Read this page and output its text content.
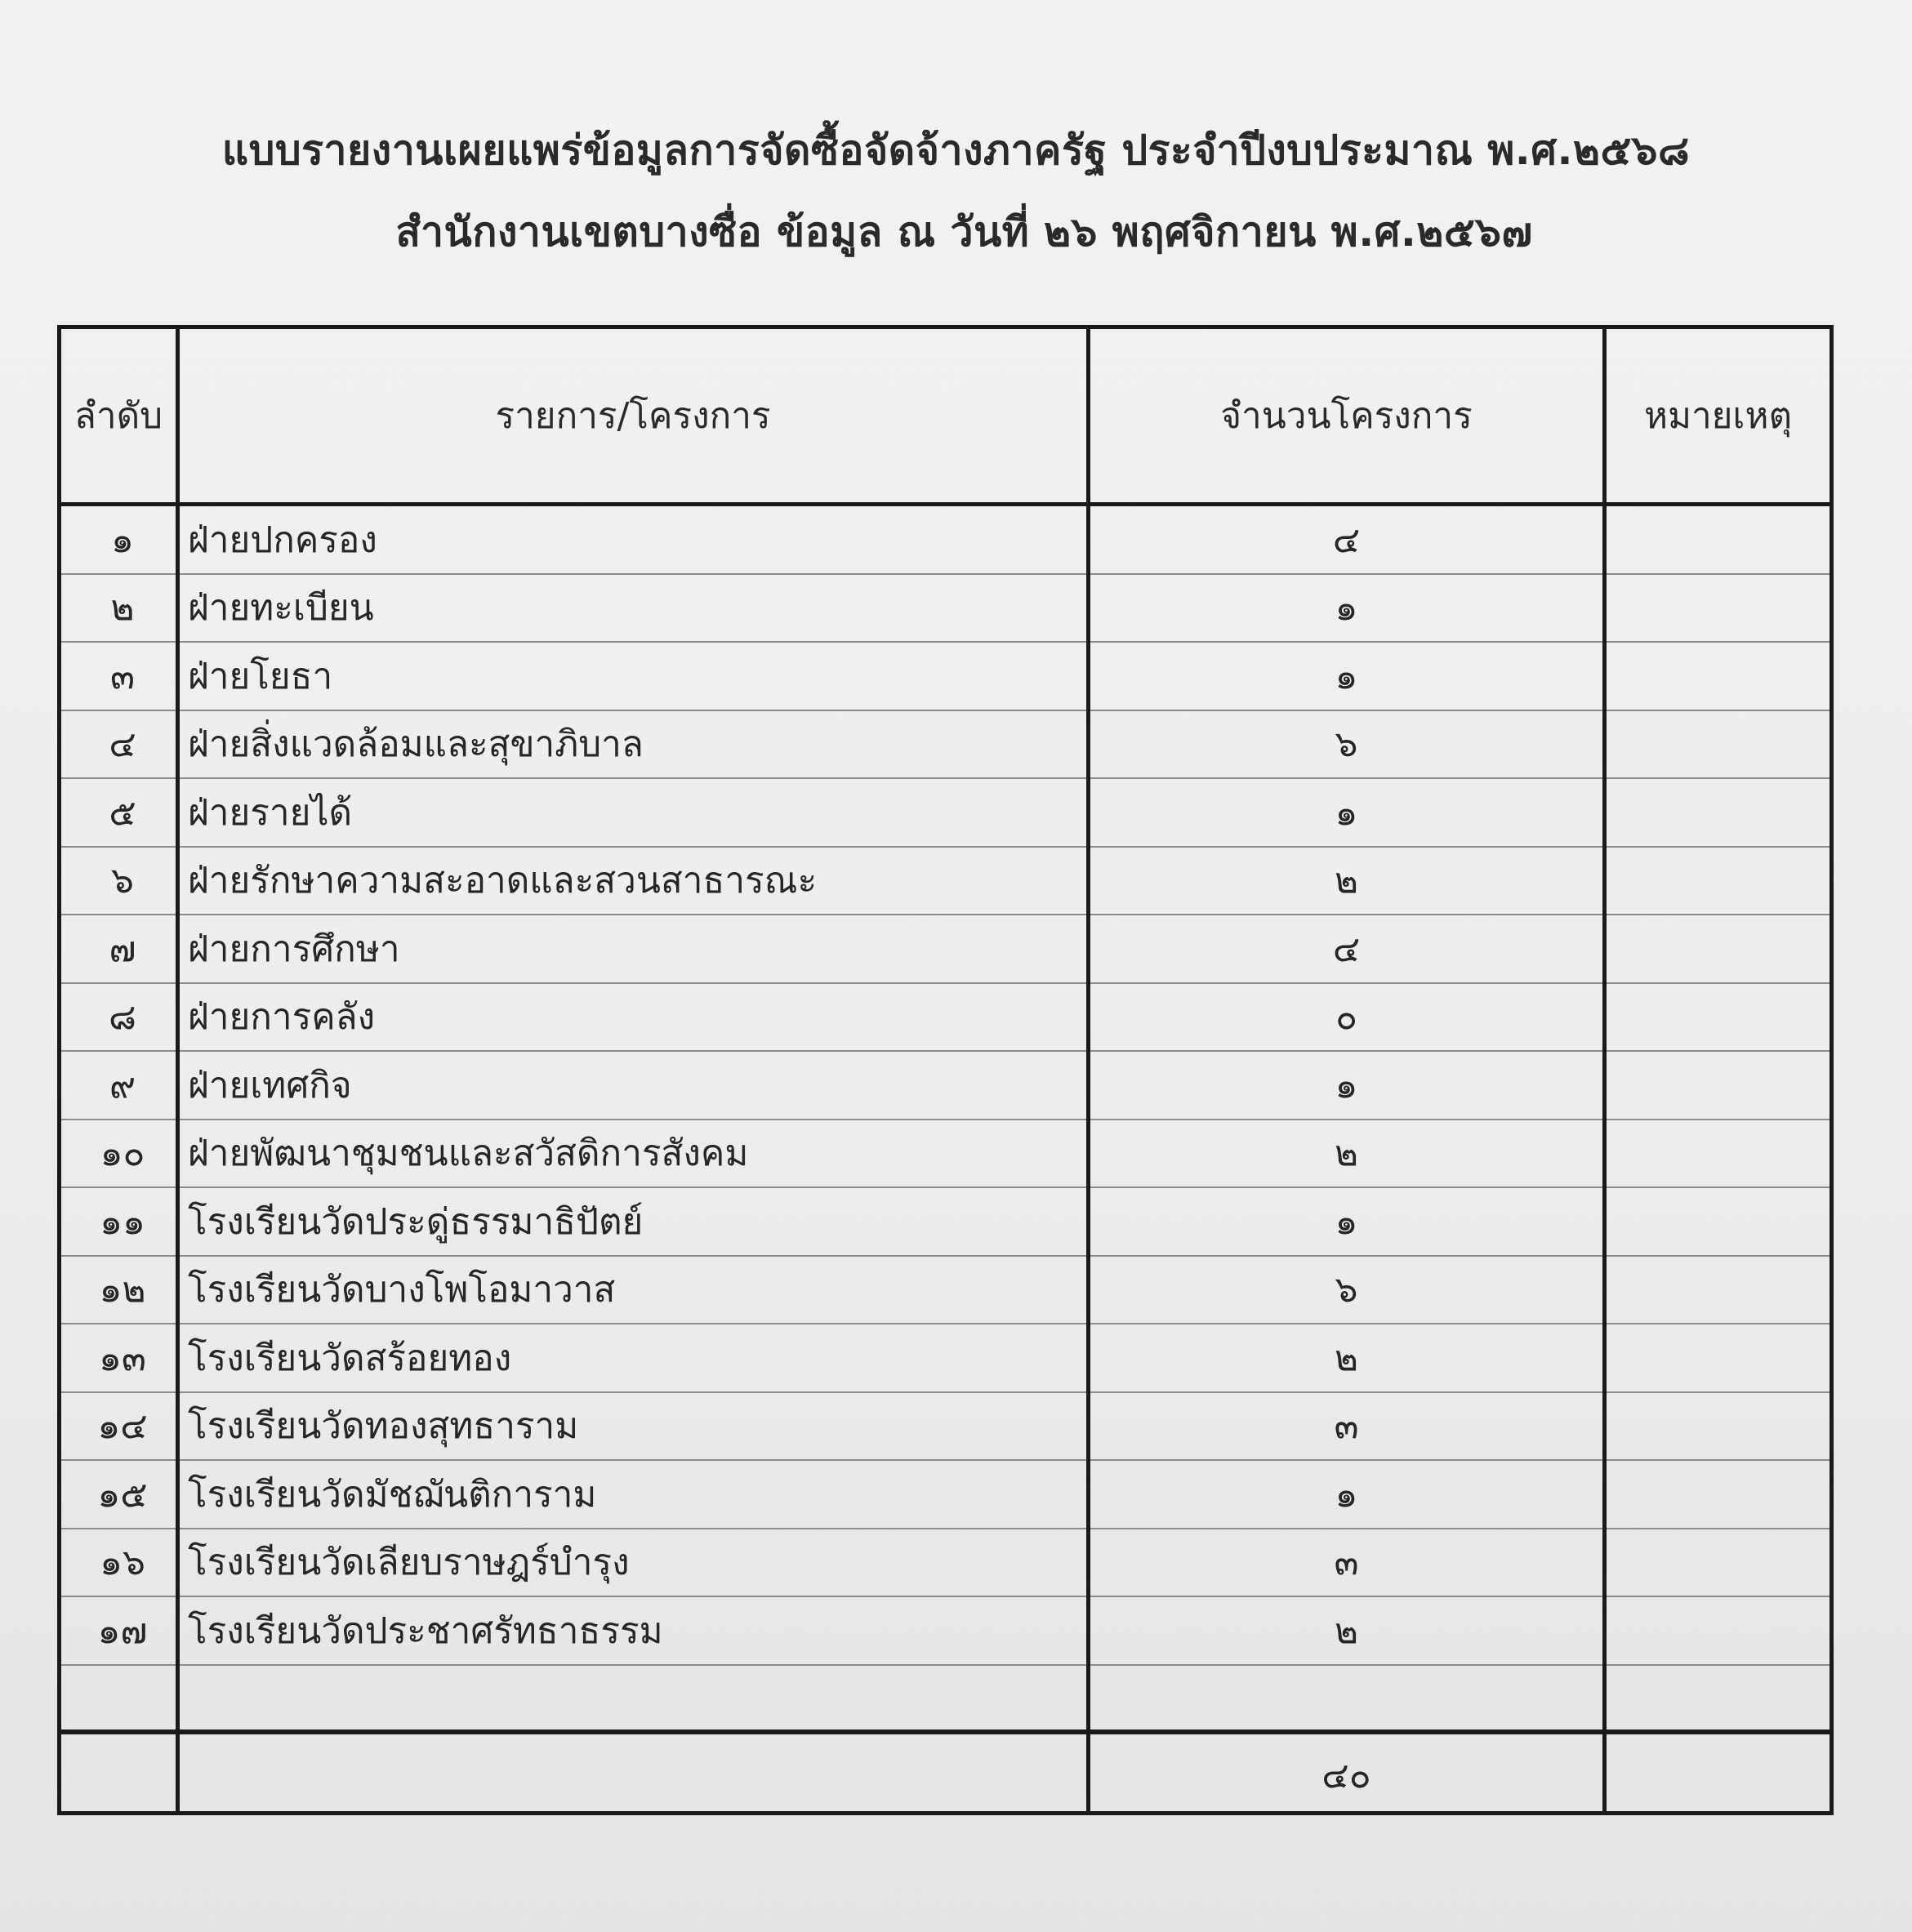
แบบรายงานเผยแพร่ข้อมูลการจัดซื้อจัดจ้างภาครัฐ ประจำปีงบประมาณ พ.ศ.๒๕๖๘
สำนักงานเขตบางซื่อ ข้อมูล ณ วันที่ ๒๖ พฤศจิกายน พ.ศ.๒๕๖๗
ลำดับ	รายการ/โครงการ	จำนวนโครงการ	หมายเหตุ
๑	ฝ่ายปกครอง	๔	
๒	ฝ่ายทะเบียน	๑	
๓	ฝ่ายโยธา	๑	
๔	ฝ่ายสิ่งแวดล้อมและสุขาภิบาล	๖	
๕	ฝ่ายรายได้	๑	
๖	ฝ่ายรักษาความสะอาดและสวนสาธารณะ	๒	
๗	ฝ่ายการศึกษา	๔	
๘	ฝ่ายการคลัง	๐	
๙	ฝ่ายเทศกิจ	๑	
๑๐	ฝ่ายพัฒนาชุมชนและสวัสดิการสังคม	๒	
๑๑	โรงเรียนวัดประดู่ธรรมาธิปัตย์	๑	
๑๒	โรงเรียนวัดบางโพโอมาวาส	๖	
๑๓	โรงเรียนวัดสร้อยทอง	๒	
๑๔	โรงเรียนวัดทองสุทธาราม	๓	
๑๕	โรงเรียนวัดมัชฌันติการาม	๑	
๑๖	โรงเรียนวัดเลียบราษฎร์บำรุง	๓	
๑๗	โรงเรียนวัดประชาศรัทธาธรรม	๒	

		๔๐	
